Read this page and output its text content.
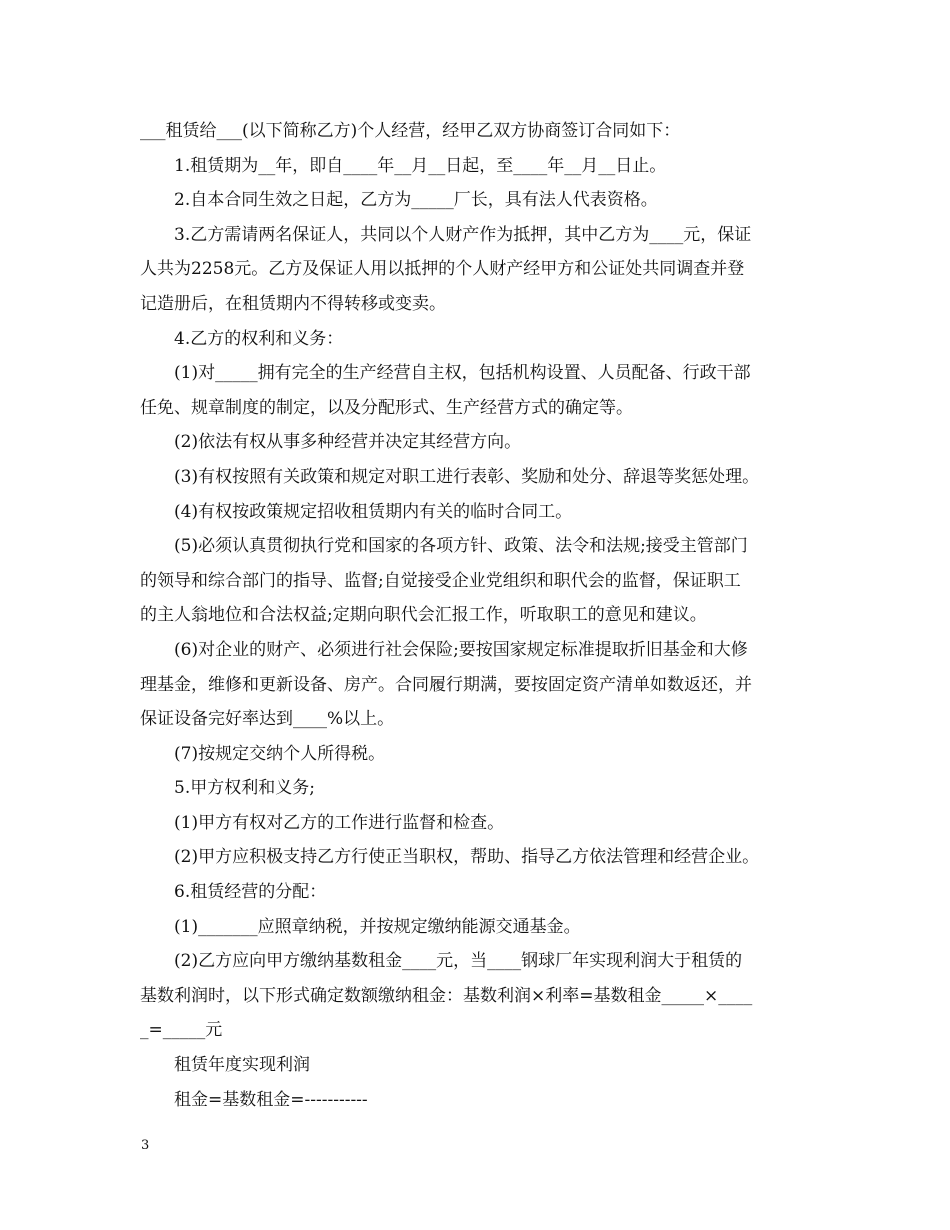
___租赁给___(以下简称乙方)个人经营，经甲乙双方协商签订合同如下：
1.租赁期为__年，即自____年__月__日起，至____年__月__日止。
2.自本合同生效之日起，乙方为_____厂长，具有法人代表资格。
3.乙方需请两名保证人，共同以个人财产作为抵押，其中乙方为____元，保证
人共为2258元。乙方及保证人用以抵押的个人财产经甲方和公证处共同调查并登
记造册后，在租赁期内不得转移或变卖。
4.乙方的权利和义务：
(1)对_____拥有完全的生产经营自主权，包括机构设置、人员配备、行政干部
任免、规章制度的制定，以及分配形式、生产经营方式的确定等。
(2)依法有权从事多种经营并决定其经营方向。
(3)有权按照有关政策和规定对职工进行表彰、奖励和处分、辞退等奖惩处理。
(4)有权按政策规定招收租赁期内有关的临时合同工。
(5)必须认真贯彻执行党和国家的各项方针、政策、法令和法规;接受主管部门
的领导和综合部门的指导、监督;自觉接受企业党组织和职代会的监督，保证职工
的主人翁地位和合法权益;定期向职代会汇报工作，听取职工的意见和建议。
(6)对企业的财产、必须进行社会保险;要按国家规定标准提取折旧基金和大修
理基金，维修和更新设备、房产。合同履行期满，要按固定资产清单如数返还，并
保证设备完好率达到____%以上。
(7)按规定交纳个人所得税。
5.甲方权利和义务;
(1)甲方有权对乙方的工作进行监督和检查。
(2)甲方应积极支持乙方行使正当职权，帮助、指导乙方依法管理和经营企业。
6.租赁经营的分配：
(1)_______应照章纳税，并按规定缴纳能源交通基金。
(2)乙方应向甲方缴纳基数租金____元，当____钢球厂年实现利润大于租赁的
基数利润时，以下形式确定数额缴纳租金：基数利润×利率=基数租金_____×____
_=_____元
租赁年度实现利润
租金=基数租金=-----------
3
